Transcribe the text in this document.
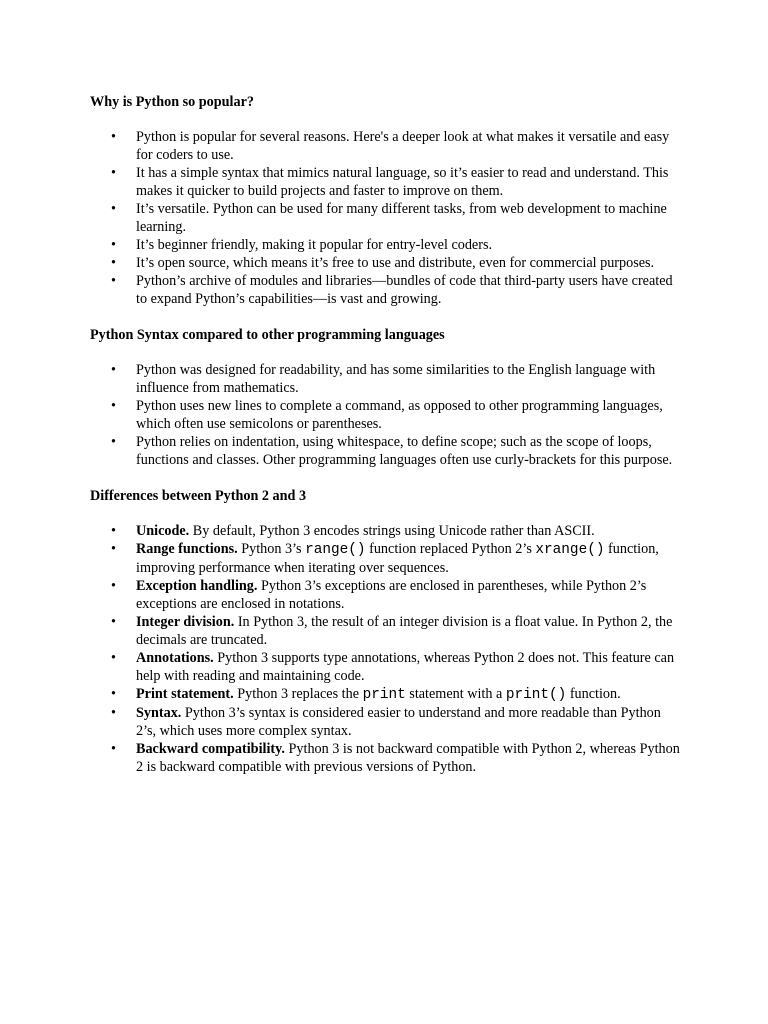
Why is Python so popular?
• Python is popular for several reasons. Here's a deeper look at what makes it versatile and easy for coders to use.
• It has a simple syntax that mimics natural language, so it’s easier to read and understand. This makes it quicker to build projects and faster to improve on them.
• It’s versatile. Python can be used for many different tasks, from web development to machine learning.
• It’s beginner friendly, making it popular for entry-level coders.
• It’s open source, which means it’s free to use and distribute, even for commercial purposes.
• Python’s archive of modules and libraries—bundles of code that third-party users have created to expand Python’s capabilities—is vast and growing.
Python Syntax compared to other programming languages
• Python was designed for readability, and has some similarities to the English language with influence from mathematics.
• Python uses new lines to complete a command, as opposed to other programming languages, which often use semicolons or parentheses.
• Python relies on indentation, using whitespace, to define scope; such as the scope of loops, functions and classes. Other programming languages often use curly-brackets for this purpose.
Differences between Python 2 and 3
• Unicode. By default, Python 3 encodes strings using Unicode rather than ASCII.
• Range functions. Python 3’s range() function replaced Python 2’s xrange() function, improving performance when iterating over sequences.
• Exception handling. Python 3’s exceptions are enclosed in parentheses, while Python 2’s exceptions are enclosed in notations.
• Integer division. In Python 3, the result of an integer division is a float value. In Python 2, the decimals are truncated.
• Annotations. Python 3 supports type annotations, whereas Python 2 does not. This feature can help with reading and maintaining code.
• Print statement. Python 3 replaces the print statement with a print() function.
• Syntax. Python 3’s syntax is considered easier to understand and more readable than Python 2’s, which uses more complex syntax.
• Backward compatibility. Python 3 is not backward compatible with Python 2, whereas Python 2 is backward compatible with previous versions of Python.
